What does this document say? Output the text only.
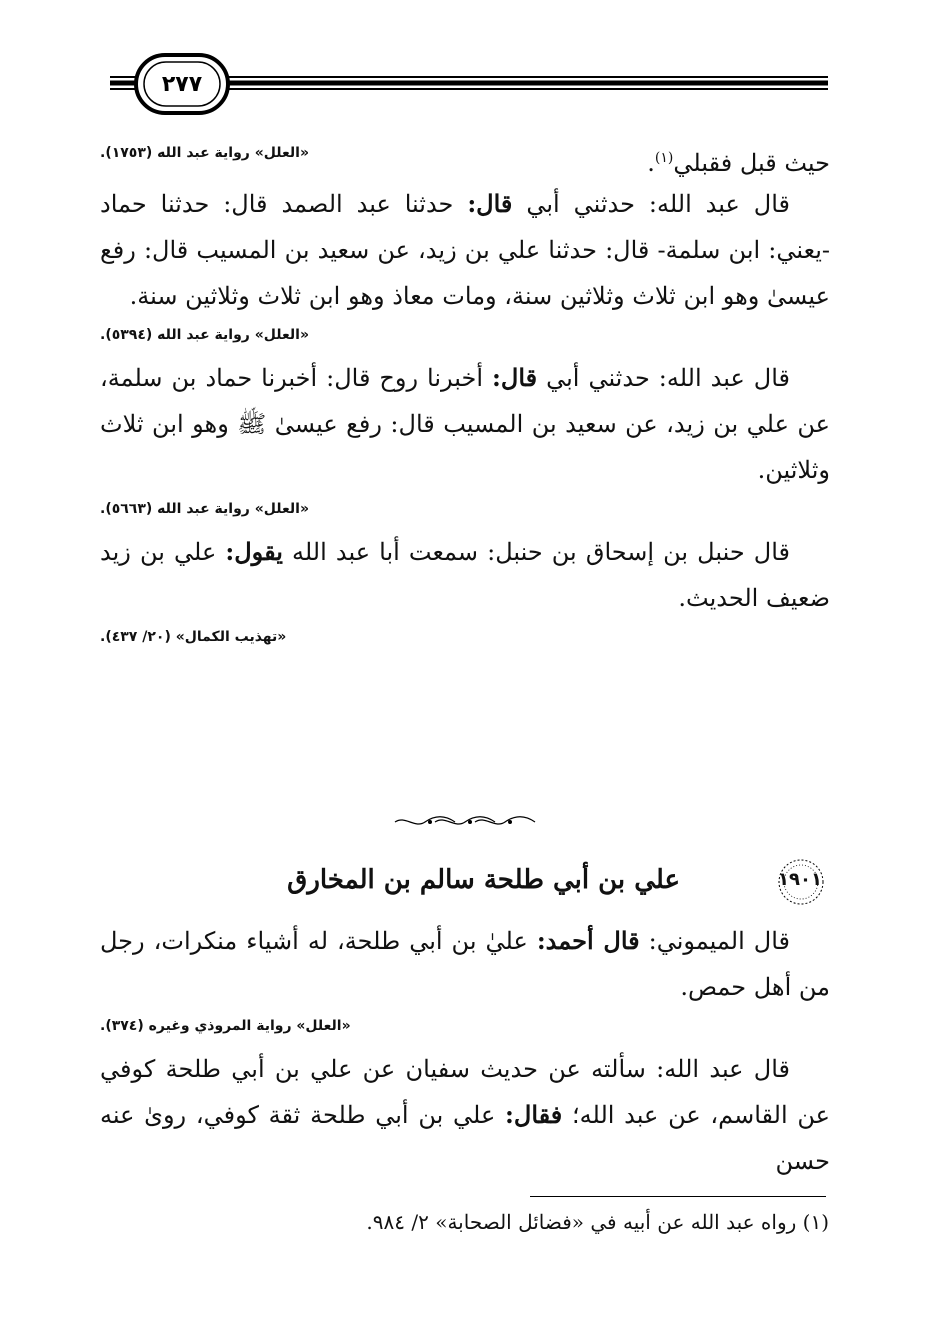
٢٧٧

حيث قبل فقبلي$^{(١)}$.

«العلل» رواية عبد الله (١٧٥٣).

قال عبد الله: حدثني أبي قال: حدثنا عبد الصمد قال: حدثنا حماد -يعني: ابن سلمة- قال: حدثنا علي بن زيد، عن سعيد بن المسيب قال: رفع عيسىٰ وهو ابن ثلاث وثلاثين سنة، ومات معاذ وهو ابن ثلاث وثلاثين سنة.

«العلل» رواية عبد الله (٥٣٩٤).

قال عبد الله: حدثني أبي قال: أخبرنا روح قال: أخبرنا حماد بن سلمة، عن علي بن زيد، عن سعيد بن المسيب قال: رفع عيسىٰ ﷺ وهو ابن ثلاث وثلاثين.

«العلل» رواية عبد الله (٥٦٦٣).

قال حنبل بن إسحاق بن حنبل: سمعت أبا عبد الله يقول: علي بن زيد ضعيف الحديث.

«تهذيب الكمال» (٢٠/ ٤٣٧).
١٩٠١
علي بن أبي طلحة سالم بن المخارق

قال الميموني: قال أحمد: عليٰ بن أبي طلحة، له أشياء منكرات، رجل من أهل حمص.

«العلل» رواية المروذي وغيره (٣٧٤).

قال عبد الله: سألته عن حديث سفيان عن علي بن أبي طلحة كوفي عن القاسم، عن عبد الله؛ فقال: علي بن أبي طلحة ثقة كوفي، رویٰ عنه حسن

(١) رواه عبد الله عن أبيه في «فضائل الصحابة» ٢/ ٩٨٤.
